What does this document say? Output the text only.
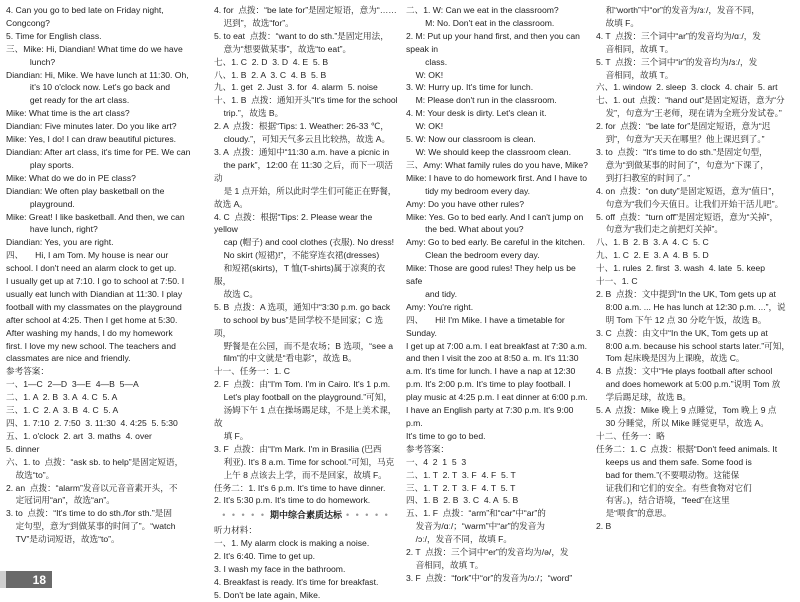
4. Can you go to bed late on Friday night, Congcong?
5. Time for English class.
三、Mike: Hi, Diandian! What time do we have
lunch?
Diandian: Hi, Mike. We have lunch at 11:30. Oh,
it's 10 o'clock now. Let's go back and
get ready for the art class.
Mike: What time is the art class?
Diandian: Five minutes later. Do you like art?
Mike: Yes, I do! I can draw beautiful pictures.
Diandian: After art class, it's time for PE. We can
play sports.
Mike: What do we do in PE class?
Diandian: We often play basketball on the
playground.
Mike: Great! I like basketball. And then, we can
have lunch, right?
Diandian: Yes, you are right.
四、     Hi, I am Tom. My house is near our
school. I don't need an alarm clock to get up.
I usually get up at 7:10. I go to school at 7:50. I
usually eat lunch with Diandian at 11:30. I play
football with my classmates on the playground
after school at 4:25. Then I get home at 5:30.
After washing my hands, I do my homework
first. I love my new school. The teachers and
classmates are nice and friendly.
参考答案：
一、1—C  2—D  3—E  4—B  5—A
二、1. A  2. B  3. A  4. C  5. A
三、1. C  2. A  3. B  4. C  5. A
四、1. 7:10  2. 7:50  3. 11:30  4. 4:25  5. 5:30
五、1. o'clock  2. art  3. maths  4. over
5. dinner
六、1. to  点拨：“ask sb. to help”是固定短语，
故选“to”。
2. an  点拨：“alarm”发音以元音音素开头，不
定冠词用“an”，故选“an”。
3. to  点拨：“It's time to do sth./for sth.”是固
定句型，意为“到做某事的时间了”。“watch
TV”是动词短语，故选“to”。
4. for  点拨：“be late for”是固定短语，意为“……
迟到”，故选“for”。
5. to eat  点拨：“want to do sth.”是固定用法，
意为“想要做某事”，故选“to eat”。
七、1. C  2. D  3. D  4. E  5. B
八、1. B  2. A  3. C  4. B  5. B
九、1. get  2. Just  3. for  4. alarm  5. noise
十、1. B  点拨：通知开头“It's time for the school
trip.”，故选 B。
2. A  点拨：根据“Tips: 1. Weather: 26-33 ℃，
cloudy.”，可知天气多云且比较热，故选 A。
3. A  点拨：通知中“11:30 a.m. have a picnic in
the park”，12:00 在 11:30 之后，而下一项活动
是 1 点开始，所以此时学生们可能正在野餐，故选 A。
4. C  点拨：根据“Tips: 2. Please wear the yellow
cap (帽子) and cool clothes (衣服). No dress!
No skirt (短裙)!”，不能穿连衣裙(dresses)
和短裙(skirts)，T 恤(T-shirts)属于凉爽的衣服，
故选 C。
5. B  点拨：A 选项，通知中“3:30 p.m. go back
to school by bus”是回学校不是回家；C 选项，
野餐是在公园，而不是农场；B 选项，“see a
film”的中文就是“看电影”，故选 B。
十一、任务一：1. C
2. F  点拨：由“I'm Tom. I'm in Cairo. It's 1 p.m.
Let's play football on the playground.”可知，
汤姆下午 1 点在操场踢足球，不是上美术课，故
填 F。
3. F  点拨：由“I'm Mark. I'm in Brasilia (巴西
利亚). It's 8 a.m. Time for school.”可知，马克
上午 8 点该去上学，而不是回家，故填 F。
任务二：1. It's 6 p.m. It's time to have dinner.
2. It's 5:30 p.m. It's time to do homework.
• • • • • 期中综合素质达标 • • • • •
听力材料：
一、1. My alarm clock is making a noise.
2. It's 6:40. Time to get up.
3. I wash my face in the bathroom.
4. Breakfast is ready. It's time for breakfast.
5. Don't be late again, Mike.
二、1. W: Can we eat in the classroom?
M: No. Don't eat in the classroom.
2. M: Put up your hand first, and then you can speak in
class.
W: OK!
3. W: Hurry up. It's time for lunch.
M: Please don't run in the classroom.
4. M: Your desk is dirty. Let's clean it.
W: OK!
5. W: Now our classroom is clean.
W: We should keep the classroom clean.
三、Amy: What family rules do you have, Mike?
Mike: I have to do homework first. And I have to
tidy my bedroom every day.
Amy: Do you have other rules?
Mike: Yes. Go to bed early. And I can't jump on
the bed. What about you?
Amy: Go to bed early. Be careful in the kitchen.
Clean the bedroom every day.
Mike: Those are good rules! They help us be safe
and tidy.
Amy: You're right.
四、     Hi! I'm Mike. I have a timetable for Sunday.
I get up at 7:00 a.m. I eat breakfast at 7:30 a.m.
and then I visit the zoo at 8:50 a. m. It's 11:30
a.m. It's time for lunch. I have a nap at 12:30
p.m. It's 2:00 p.m. It's time to play football. I
play music at 4:25 p.m. I eat dinner at 6:00 p.m.
I have an English party at 7:30 p.m. It's 9:00 p.m.
It's time to go to bed.
参考答案：
一、4  2  1  5  3
二、1. T  2. T  3. F  4. F  5. T
三、1. T  2. T  3. F  4. T  5. T
四、1. B  2. B  3. C  4. A  5. B
五、1. F  点拨：“arm”和“car”中“ar”的
发音为/ɑː/；“warm”中“ar”的发音为
/ɔː/，发音不同，故填 F。
2. T  点拨：三个词中“er”的发音均为/ə/，发
音相同，故填 T。
3. F  点拨：“fork”中“or”的发音为/ɔː/；“word”
和“worth”中“or”的发音为/ɜː/，发音不同，
故填 F。
4. T  点拨：三个词中“ar”的发音均为/ɑː/，发
音相同，故填 T。
5. T  点拨：三个词中“ir”的发音均为/ɜː/，发
音相同，故填 T。
六、1. window  2. sleep  3. clock  4. chair  5. art
七、1. out  点拨：“hand out”是固定短语，意为“分
发”，句意为“王老师，现在请为全班分发试卷。”
2. for  点拨：“be late for”是固定短语，意为“迟
到”，句意为“天天在哪里？他上课迟到了。”
3. to  点拨：“It's time to do sth.”是固定句型，
意为“到做某事的时间了”，句意为“下课了，
到打扫教室的时间了。”
4. on  点拨：“on duty”是固定短语，意为“值日”，
句意为“我们今天值日。让我们开始干活儿吧”。
5. off  点拨：“turn off”是固定短语，意为“关掉”，
句意为“我们走之前把灯关掉”。
八、1. B  2. B  3. A  4. C  5. C
九、1. C  2. E  3. A  4. B  5. D
十、1. rules  2. first  3. wash  4. late  5. keep
十一、1. C
2. B  点拨：文中提到“In the UK, Tom gets up at
8:00 a.m. ... He has lunch at 12:30 p.m. ...”，说
明 Tom 下午 12 点 30 分吃午饭，故选 B。
3. C  点拨：由文中“In the UK, Tom gets up at
8:00 a.m. because his school starts later.”可知，
Tom 起床晚是因为上课晚，故选 C。
4. B  点拨：文中“He plays football after school
and does homework at 5:00 p.m.”说明 Tom 放
学后踢足球，故选 B。
5. A  点拨：Mike 晚上 9 点睡觉，Tom 晚上 9 点
30 分睡觉，所以 Mike 睡觉更早，故选 A。
十二、任务一：略
任务二：1. C  点拨：根据“Don't feed animals. It
keeps us and them safe. Some food is
bad for them.”(不要喂动物。这能保
证我们和它们的安全。有些食物对它们
有害。)，结合语境，“feed”在这里
是“喂食”的意思。
2. B
18
